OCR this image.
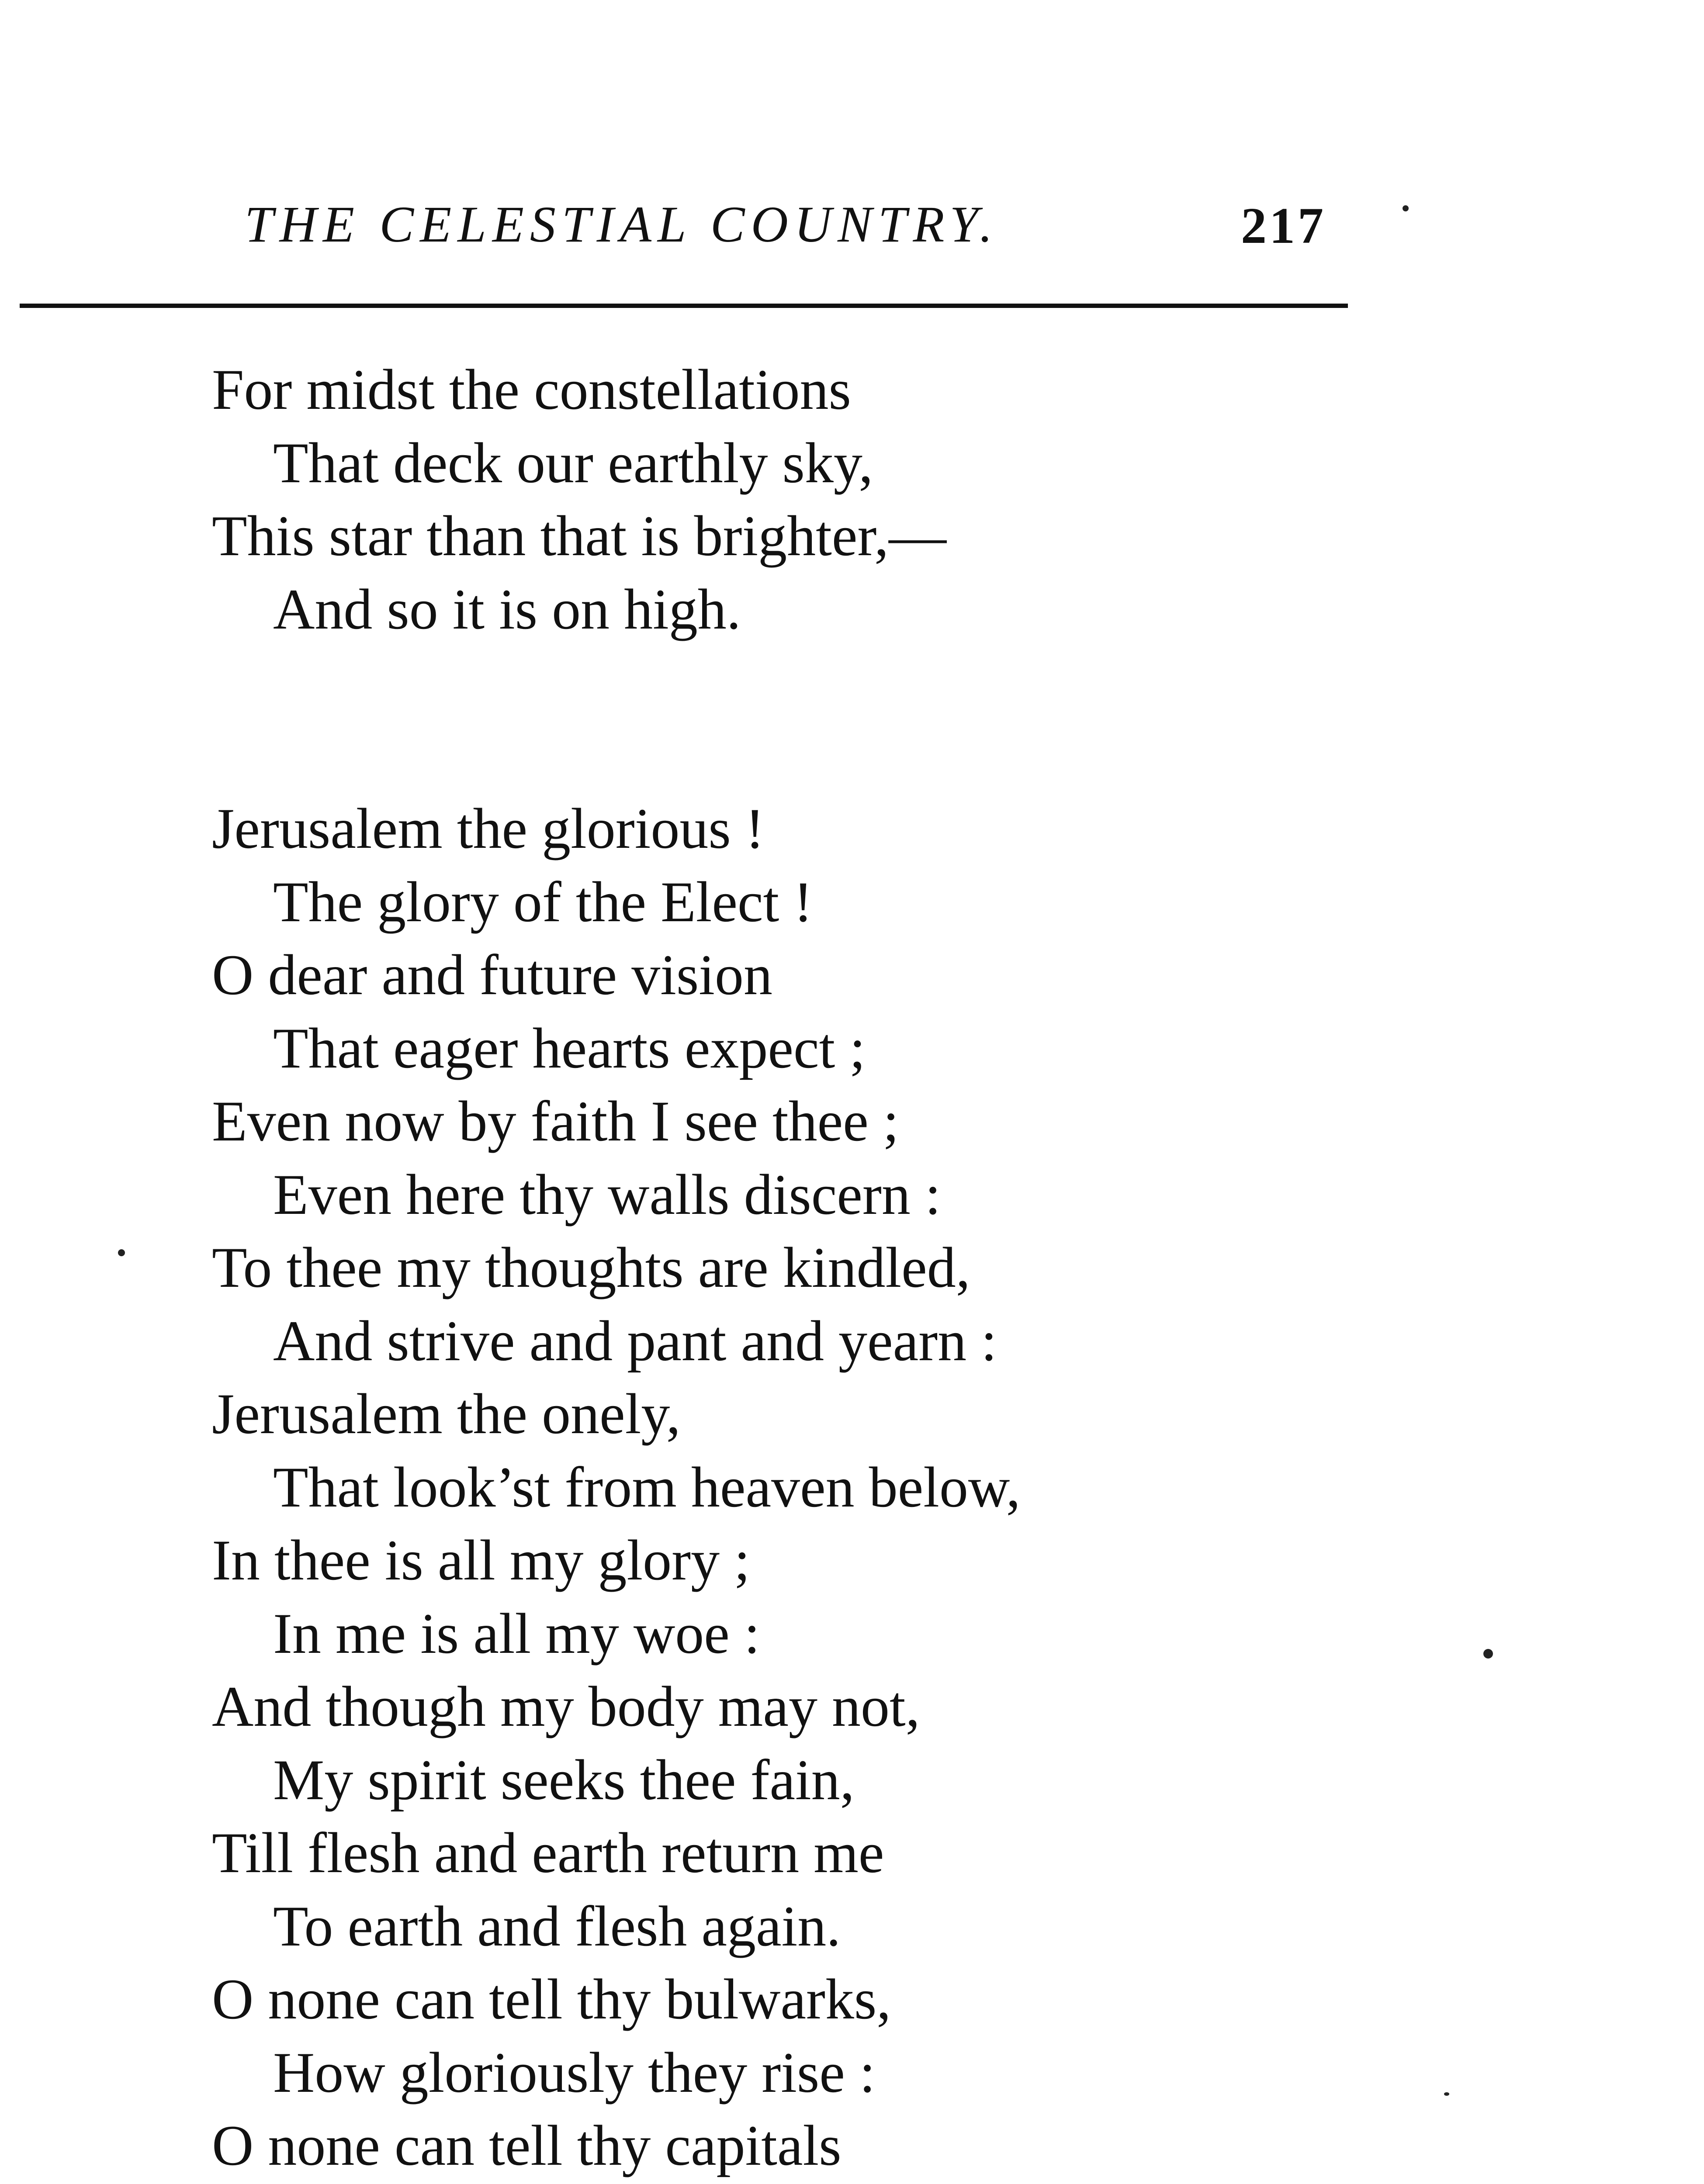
THE CELESTIAL COUNTRY.	217
For midst the constellations
That deck our earthly sky,
This star than that is brighter,—
And so it is on high.
Jerusalem the glorious !
The glory of the Elect !
O dear and future vision
That eager hearts expect ;
Even now by faith I see thee ;
Even here thy walls discern :
To thee my thoughts are kindled,
And strive and pant and yearn :
Jerusalem the onely,
That look’st from heaven below,
In thee is all my glory ;
In me is all my woe :
And though my body may not,
My spirit seeks thee fain,
Till flesh and earth return me
To earth and flesh again.
O none can tell thy bulwarks,
How gloriously they rise :
O none can tell thy capitals
